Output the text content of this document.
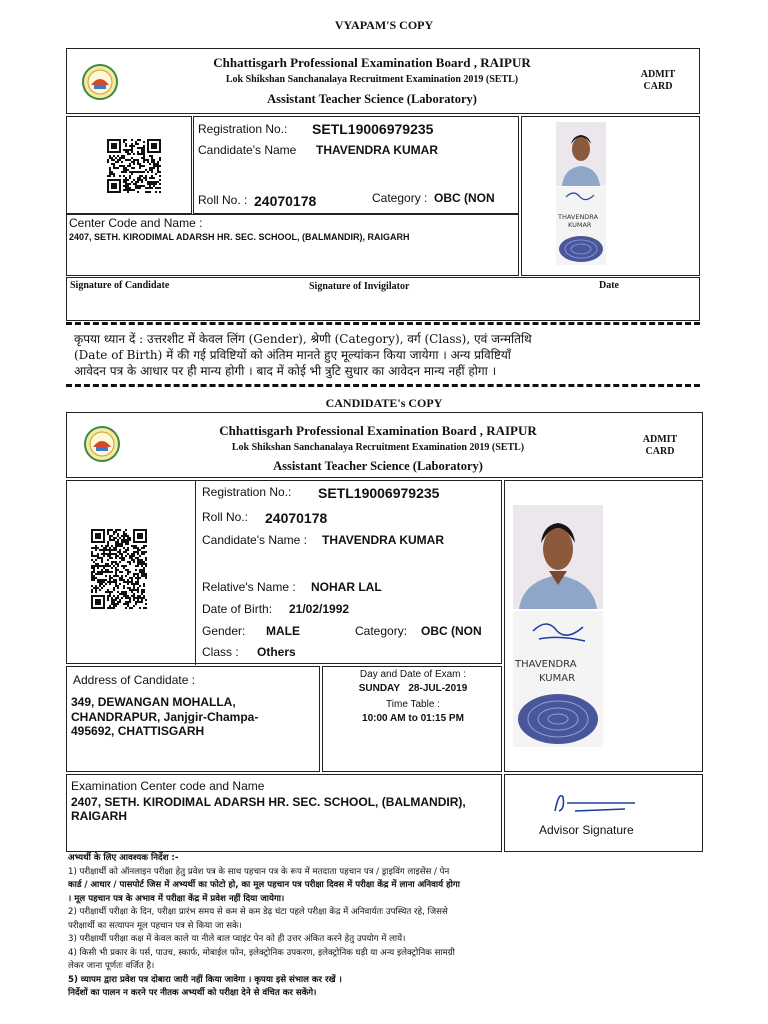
VYAPAM'S COPY
Chhattisgarh Professional Examination Board , RAIPUR
Lok Shikshan Sanchanalaya Recruitment Examination 2019 (SETL)
Assistant Teacher Science (Laboratory)
ADMIT
CARD
Registration No.: SETL19006979235
Candidate's Name THAVENDRA KUMAR
Roll No. : 24070178	Category : OBC (NON
Center Code and Name :
2407, SETH. KIRODIMAL ADARSH HR. SEC. SCHOOL, (BALMANDIR), RAIGARH
THAVENDRA
KUMAR
Signature of Candidate	Signature of Invigilator	Date
कृपया ध्यान दें : उत्तरशीट में केवल लिंग (Gender), श्रेणी (Category), वर्ग (Class), एवं जन्मतिथि
(Date of Birth) में की गई प्रविष्टियों को अंतिम मानते हुए मूल्यांकन किया जायेगा । अन्य प्रविष्टियाँ
आवेदन पत्र के आधार पर ही मान्य होगी । बाद में कोई भी त्रुटि सुधार का आवेदन मान्य नहीं होगा ।
CANDIDATE's COPY
Chhattisgarh Professional Examination Board , RAIPUR
Lok Shikshan Sanchanalaya Recruitment Examination 2019 (SETL)
Assistant Teacher Science (Laboratory)
ADMIT
CARD
Registration No.: SETL19006979235
Roll No.: 24070178
Candidate's Name : THAVENDRA KUMAR
Relative's Name : NOHAR LAL
Date of Birth: 21/02/1992
Gender: MALE	Category: OBC (NON
Class : Others
THAVENDRA
KUMAR
Address of Candidate :
349, DEWANGAN MOHALLA,
CHANDRAPUR, Janjgir-Champa-
495692, CHATTISGARH
Day and Date of Exam :
SUNDAY 28-JUL-2019
Time Table :
10:00 AM to 01:15 PM
Examination Center code and Name
2407, SETH. KIRODIMAL ADARSH HR. SEC. SCHOOL, (BALMANDIR),
RAIGARH
Advisor Signature
अभ्यर्थी के लिए आवश्यक निर्देश :-
1) परीक्षार्थी को ऑनलाइन परीक्षा हेतु प्रवेश पत्र के साथ पहचान पत्र के रूप में मतदाता पहचान पत्र / ड्राइविंग लाइसेंस / पेन
कार्ड / आधार / पासपोर्ट जिस में अभ्यर्थी का फोटो हो, का मूल पहचान पत्र परीक्षा दिवस में परीक्षा केंद्र में लाना अनिवार्य होगा
। मूल पहचान पत्र के अभाव में परीक्षा केंद्र में प्रवेश नहीं दिया जायेगा।
2) परीक्षार्थी परीक्षा के दिन, परीक्षा प्रारंभ समय से कम से कम डेढ़ घंटा पहले परीक्षा केंद्र में अनिवार्यतः उपस्थित रहे, जिससे
परीक्षार्थी का सत्यापन मूल पहचान पत्र से किया जा सके।
3) परीक्षार्थी परीक्षा कक्ष में केवल काले या नीले बाल प्वाइंट पेन को ही उत्तर अंकित करने हेतु उपयोग में लायें।
4) किसी भी प्रकार के पर्स, पाउच, स्कार्फ, मोबाईल फोन, इलेक्ट्रोनिक उपकरण, इलेक्ट्रोनिक घड़ी या अन्य इलेक्ट्रोनिक सामग्री
लेकर जाना पूर्णतः वर्जित है।
5) व्यापम द्वारा प्रवेश पत्र दोबारा जारी नहीं किया जावेगा । कृपया इसे संभाल कर रखें ।
निर्देशों का पालन न करने पर नीतक अभ्यर्थी को परीक्षा देने से वंचित कर सकेंगे।
